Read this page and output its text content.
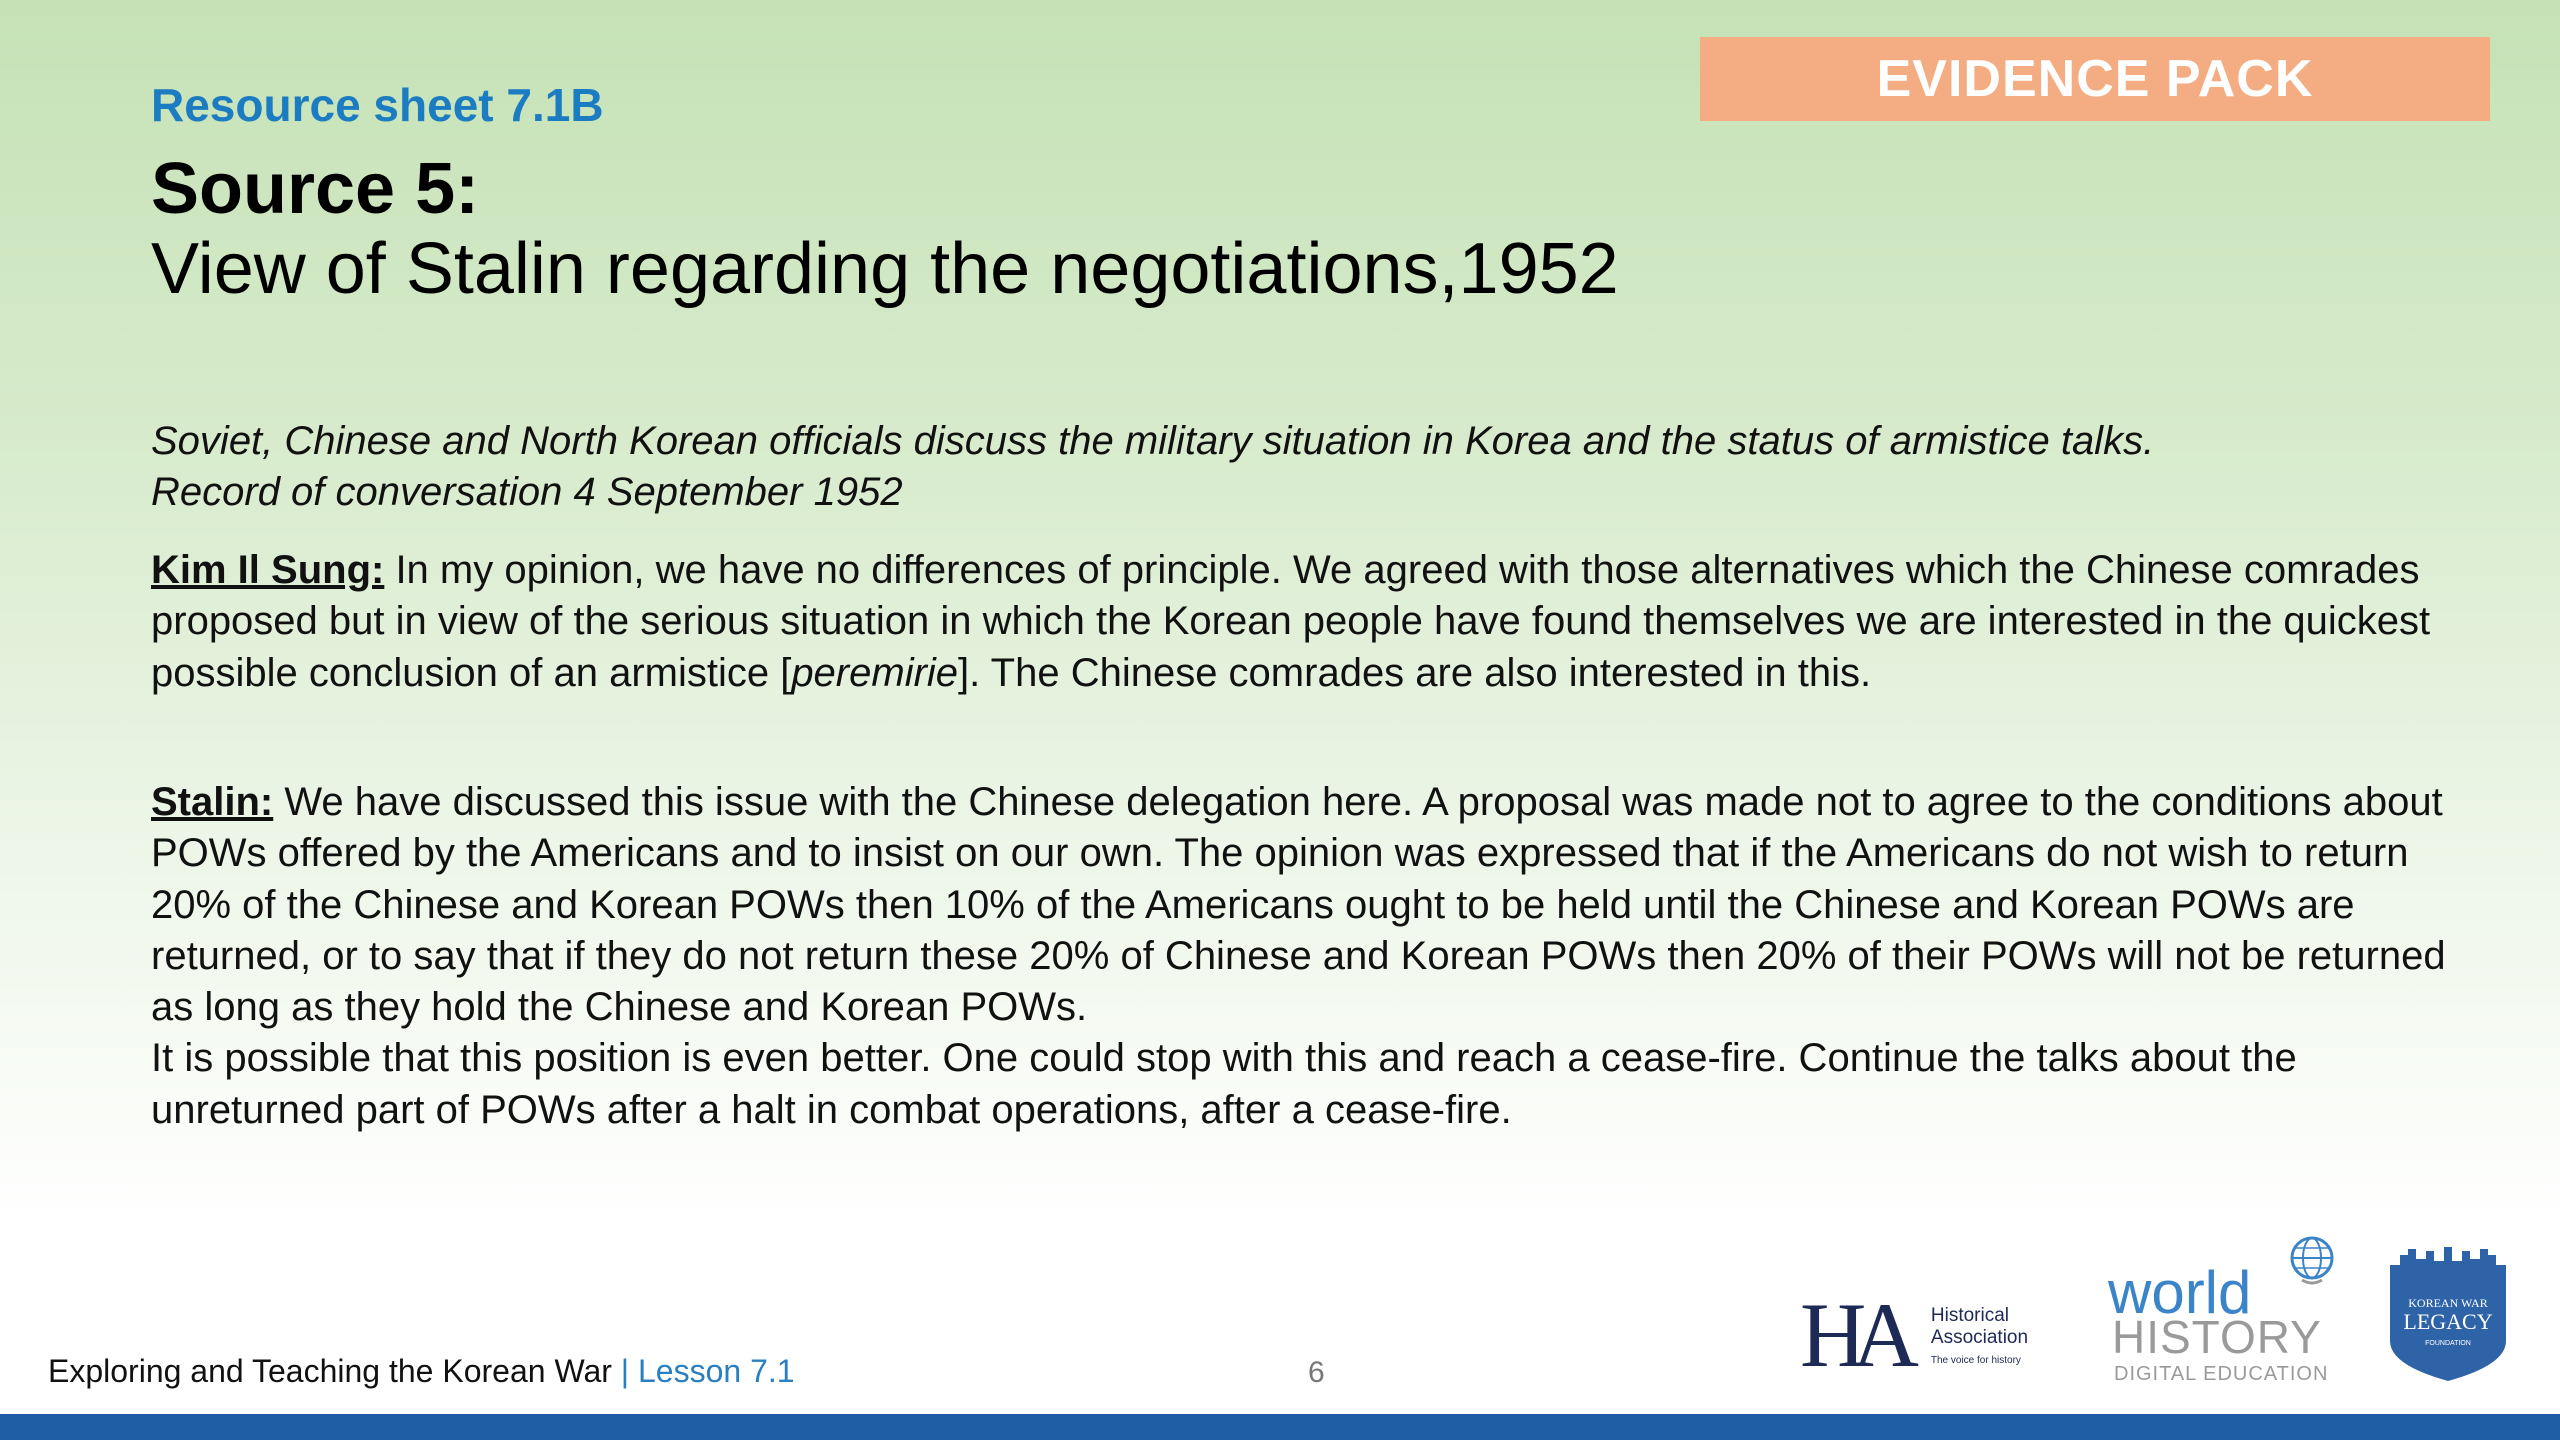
EVIDENCE PACK
Resource sheet 7.1B
Source 5:
View of Stalin regarding the negotiations,1952
Soviet, Chinese and North Korean officials discuss the military situation in Korea and the status of armistice talks.
Record of conversation 4 September 1952
Kim Il Sung: In my opinion, we have no differences of principle. We agreed with those alternatives which the Chinese comrades proposed but in view of the serious situation in which the Korean people have found themselves we are interested in the quickest possible conclusion of an armistice [peremirie]. The Chinese comrades are also interested in this.
Stalin: We have discussed this issue with the Chinese delegation here. A proposal was made not to agree to the conditions about POWs offered by the Americans and to insist on our own. The opinion was expressed that if the Americans do not wish to return 20% of the Chinese and Korean POWs then 10% of the Americans ought to be held until the Chinese and Korean POWs are returned, or to say that if they do not return these 20% of Chinese and Korean POWs then 20% of their POWs will not be returned as long as they hold the Chinese and Korean POWs.
It is possible that this position is even better. One could stop with this and reach a cease-fire. Continue the talks about the unreturned part of POWs after a halt in combat operations, after a cease-fire.
Exploring and Teaching the Korean War | Lesson 7.1	6	HA Historical Association
The voice for history
world
HISTORY
DIGITAL EDUCATION
KOREAN WAR
LEGACY
FOUNDATION
